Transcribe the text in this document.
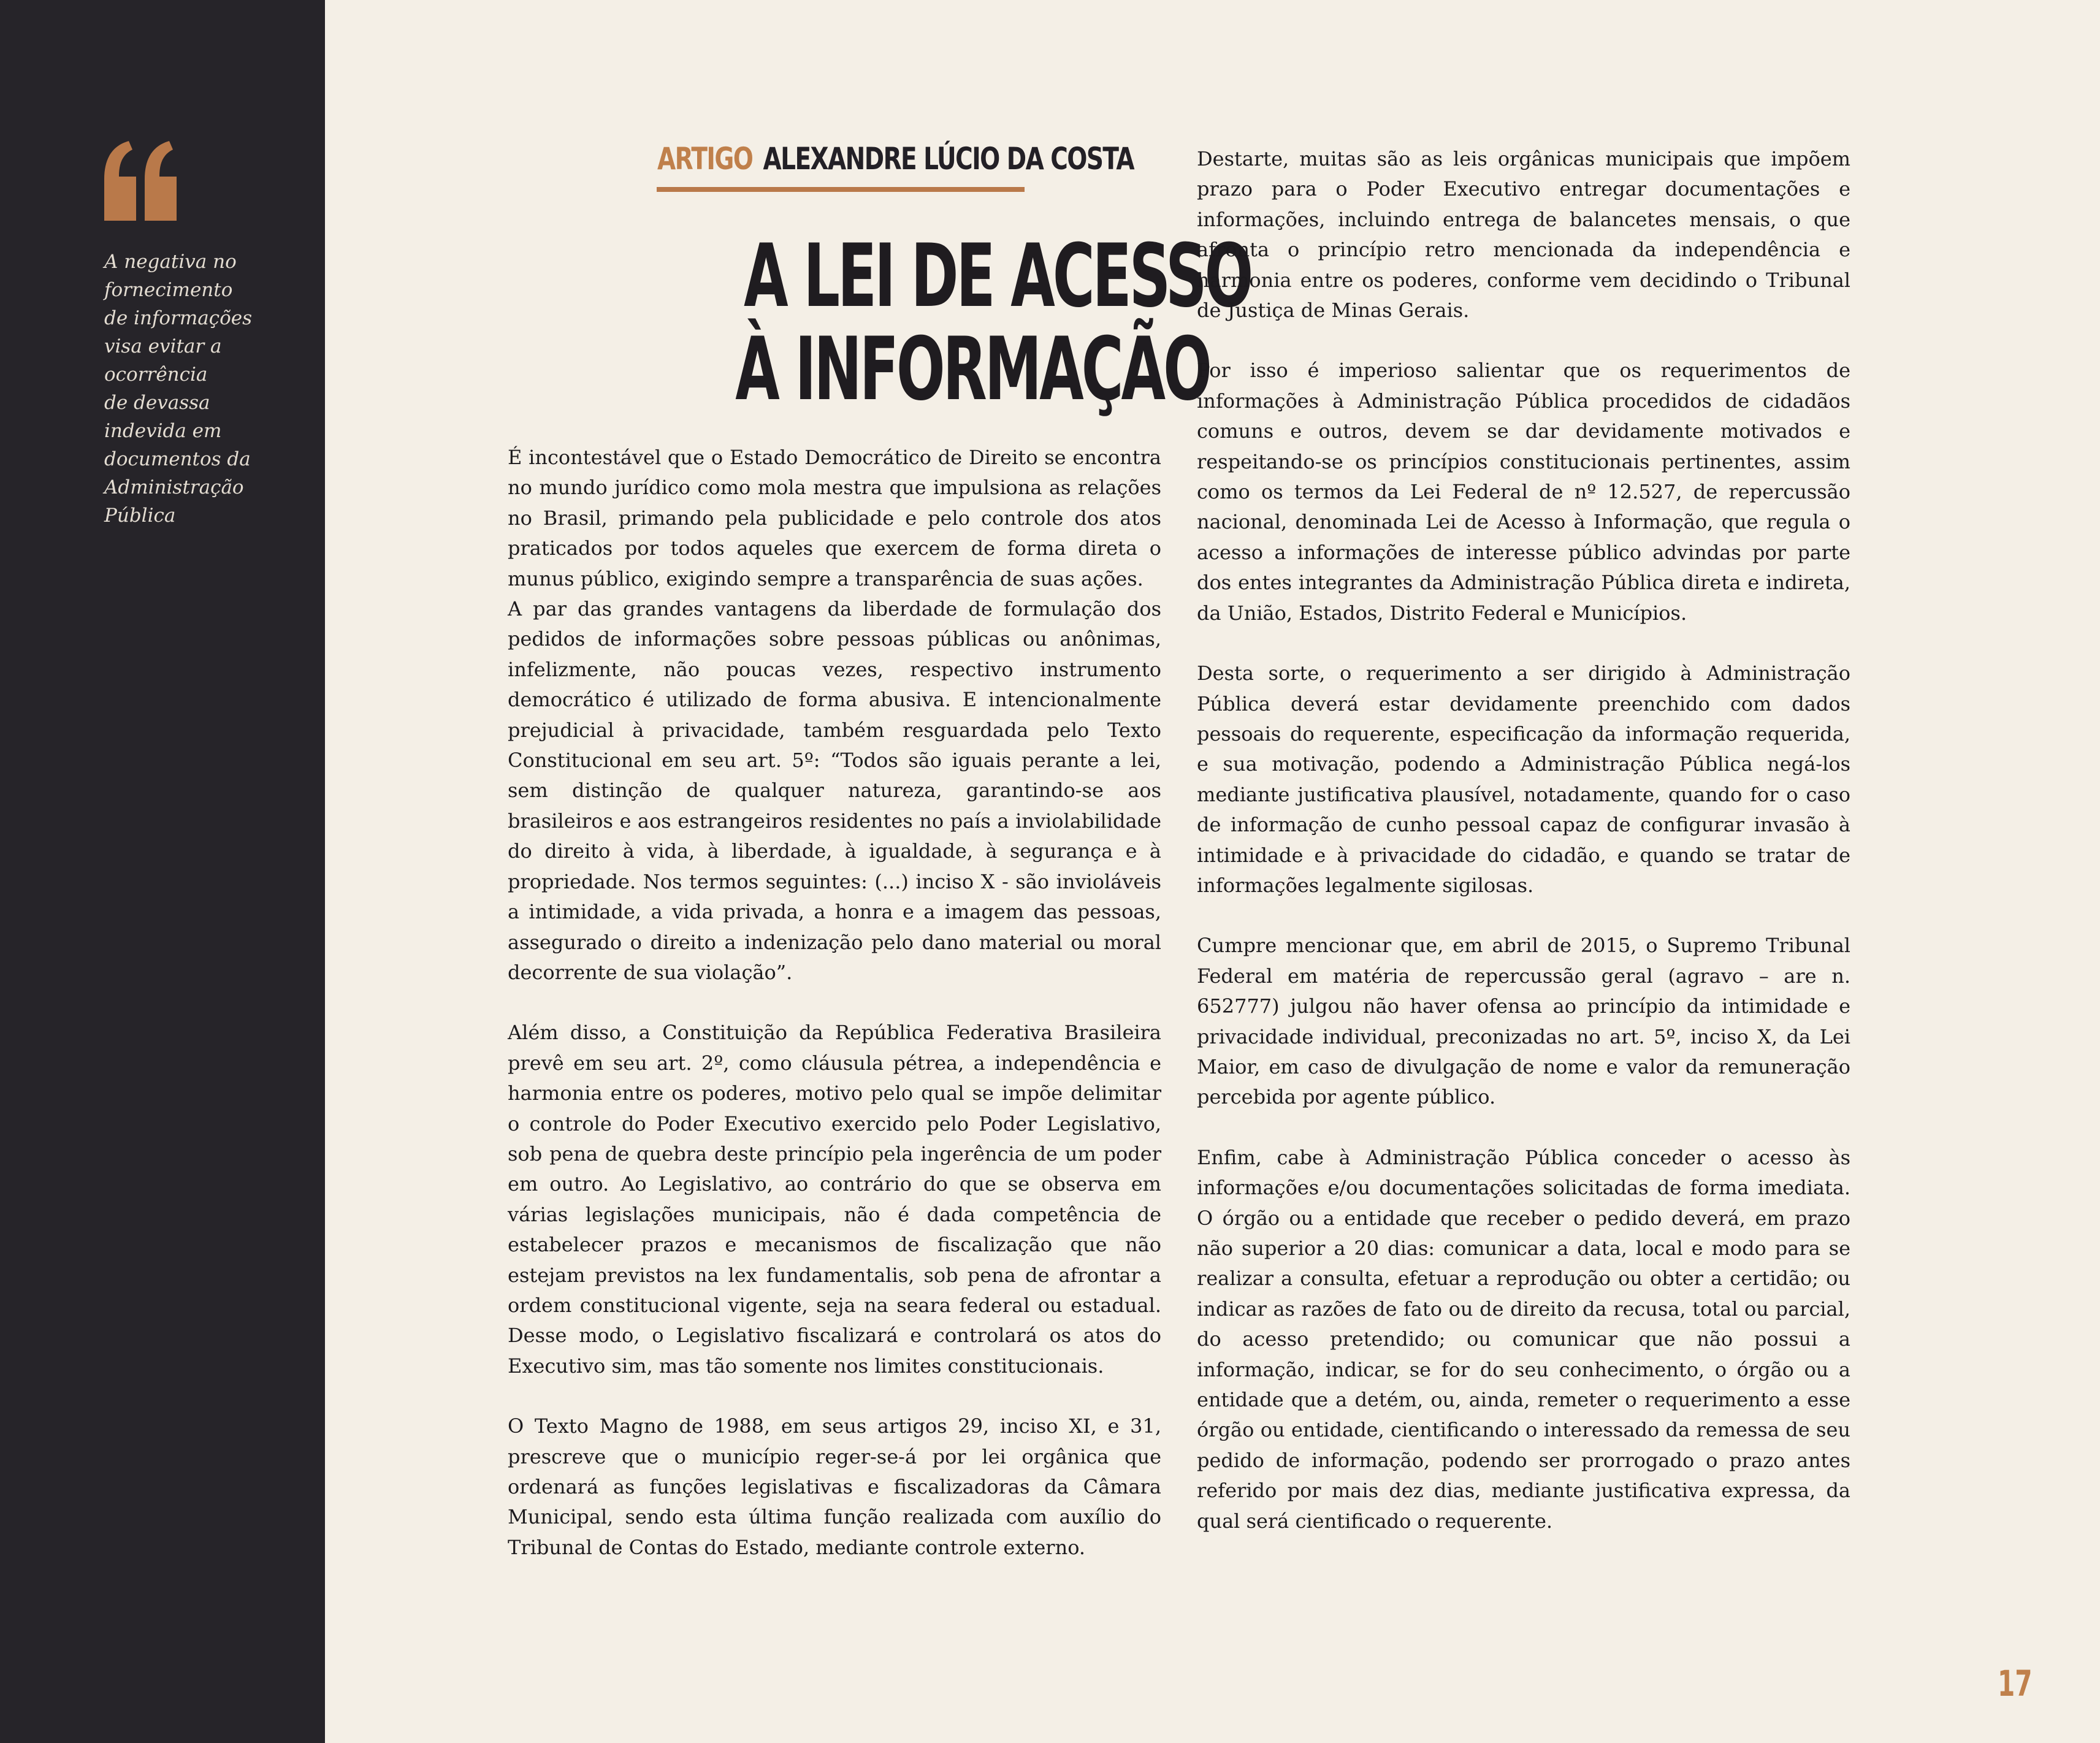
A negativa no
fornecimento
de informações
visa evitar a
ocorrência
de devassa
indevida em
documentos da
Administração
Pública

ARTIGO ALEXANDRE LÚCIO DA COSTA
A LEI DE ACESSO
À INFORMAÇÃO

É incontestável que o Estado Democrático de Direito se encontra no mundo jurídico como mola mestra que impulsiona as relações no Brasil, primando pela publicidade e pelo controle dos atos praticados por todos aqueles que exercem de forma direta o munus público, exigindo sempre a transparência de suas ações.

A par das grandes vantagens da liberdade de formulação dos pedidos de informações sobre pessoas públicas ou anônimas, infelizmente, não poucas vezes, respectivo instrumento democrático é utilizado de forma abusiva. E intencionalmente prejudicial à privacidade, também resguardada pelo Texto Constitucional em seu art. 5º: “Todos são iguais perante a lei, sem distinção de qualquer natureza, garantindo-se aos brasileiros e aos estrangeiros residentes no país a inviolabilidade do direito à vida, à liberdade, à igualdade, à segurança e à propriedade. Nos termos seguintes: (...) inciso X - são invioláveis a intimidade, a vida privada, a honra e a imagem das pessoas, assegurado o direito a indenização pelo dano material ou moral decorrente de sua violação”.

Além disso, a Constituição da República Federativa Brasileira prevê em seu art. 2º, como cláusula pétrea, a independência e harmonia entre os poderes, motivo pelo qual se impõe delimitar o controle do Poder Executivo exercido pelo Poder Legislativo, sob pena de quebra deste princípio pela ingerência de um poder em outro. Ao Legislativo, ao contrário do que se observa em várias legislações municipais, não é dada competência de estabelecer prazos e mecanismos de fiscalização que não estejam previstos na lex fundamentalis, sob pena de afrontar a ordem constitucional vigente, seja na seara federal ou estadual. Desse modo, o Legislativo fiscalizará e controlará os atos do Executivo sim, mas tão somente nos limites constitucionais.

O Texto Magno de 1988, em seus artigos 29, inciso XI, e 31, prescreve que o município reger-se-á por lei orgânica que ordenará as funções legislativas e fiscalizadoras da Câmara Municipal, sendo esta última função realizada com auxílio do Tribunal de Contas do Estado, mediante controle externo.

Destarte, muitas são as leis orgânicas municipais que impõem prazo para o Poder Executivo entregar documentações e informações, incluindo entrega de balancetes mensais, o que afronta o princípio retro mencionada da independência e harmonia entre os poderes, conforme vem decidindo o Tribunal de Justiça de Minas Gerais.

Por isso é imperioso salientar que os requerimentos de informações à Administração Pública procedidos de cidadãos comuns e outros, devem se dar devidamente motivados e respeitando-se os princípios constitucionais pertinentes, assim como os termos da Lei Federal de nº 12.527, de repercussão nacional, denominada Lei de Acesso à Informação, que regula o acesso a informações de interesse público advindas por parte dos entes integrantes da Administração Pública direta e indireta, da União, Estados, Distrito Federal e Municípios.

Desta sorte, o requerimento a ser dirigido à Administração Pública deverá estar devidamente preenchido com dados pessoais do requerente, especificação da informação requerida, e sua motivação, podendo a Administração Pública negá-los mediante justificativa plausível, notadamente, quando for o caso de informação de cunho pessoal capaz de configurar invasão à intimidade e à privacidade do cidadão, e quando se tratar de informações legalmente sigilosas.

Cumpre mencionar que, em abril de 2015, o Supremo Tribunal Federal em matéria de repercussão geral (agravo – are n. 652777) julgou não haver ofensa ao princípio da intimidade e privacidade individual, preconizadas no art. 5º, inciso X, da Lei Maior, em caso de divulgação de nome e valor da remuneração percebida por agente público.

Enfim, cabe à Administração Pública conceder o acesso às informações e/ou documentações solicitadas de forma imediata. O órgão ou a entidade que receber o pedido deverá, em prazo não superior a 20 dias: comunicar a data, local e modo para se realizar a consulta, efetuar a reprodução ou obter a certidão; ou indicar as razões de fato ou de direito da recusa, total ou parcial, do acesso pretendido; ou comunicar que não possui a informação, indicar, se for do seu conhecimento, o órgão ou a entidade que a detém, ou, ainda, remeter o requerimento a esse órgão ou entidade, cientificando o interessado da remessa de seu pedido de informação, podendo ser prorrogado o prazo antes referido por mais dez dias, mediante justificativa expressa, da qual será cientificado o requerente.

17
